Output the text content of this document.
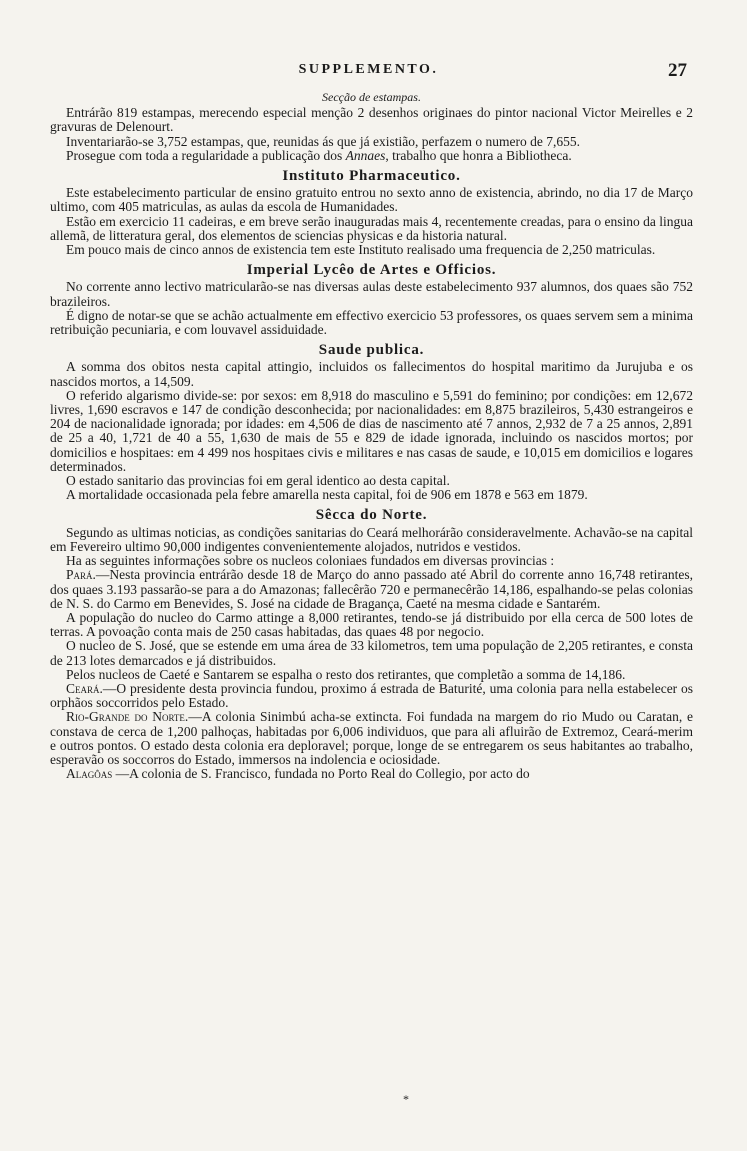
SUPPLEMENTO.	27

Secção de estampas.

Entrárão 819 estampas, merecendo especial menção 2 desenhos originaes do pintor nacional Victor Meirelles e 2 gravuras de Delenourt.

Inventariarão-se 3,752 estampas, que, reunidas ás que já existião, perfazem o numero de 7,655.

Prosegue com toda a regularidade a publicação dos Annaes, trabalho que honra a Bibliotheca.

Instituto Pharmaceutico.

Este estabelecimento particular de ensino gratuito entrou no sexto anno de existencia, abrindo, no dia 17 de Março ultimo, com 405 matriculas, as aulas da escola de Humanidades.

Estão em exercicio 11 cadeiras, e em breve serão inauguradas mais 4, recentemente creadas, para o ensino da lingua allemã, de litteratura geral, dos elementos de sciencias physicas e da historia natural.

Em pouco mais de cinco annos de existencia tem este Instituto realisado uma frequencia de 2,250 matriculas.

Imperial Lycêo de Artes e Officios.

No corrente anno lectivo matricularão-se nas diversas aulas deste estabelecimento 937 alumnos, dos quaes são 752 brazileiros.

É digno de notar-se que se achão actualmente em effectivo exercicio 53 professores, os quaes servem sem a minima retribuição pecuniaria, e com louvavel assiduidade.

Saude publica.

A somma dos obitos nesta capital attingio, incluidos os fallecimentos do hospital maritimo da Jurujuba e os nascidos mortos, a 14,509.

O referido algarismo divide-se: por sexos: em 8,918 do masculino e 5,591 do feminino; por condições: em 12,672 livres, 1,690 escravos e 147 de condição desconhecida; por nacionalidades: em 8,875 brazileiros, 5,430 estrangeiros e 204 de nacionalidade ignorada; por idades: em 4,506 de dias de nascimento até 7 annos, 2,932 de 7 a 25 annos, 2,891 de 25 a 40, 1,721 de 40 a 55, 1,630 de mais de 55 e 829 de idade ignorada, incluindo os nascidos mortos; por domicilios e hospitaes: em 4 499 nos hospitaes civis e militares e nas casas de saude, e 10,015 em domicilios e logares determinados.

O estado sanitario das provincias foi em geral identico ao desta capital.

A mortalidade occasionada pela febre amarella nesta capital, foi de 906 em 1878 e 563 em 1879.

Sêcca do Norte.

Segundo as ultimas noticias, as condições sanitarias do Ceará melhorárão consideravelmente. Achavão-se na capital em Fevereiro ultimo 90,000 indigentes convenientemente alojados, nutridos e vestidos.

Ha as seguintes informações sobre os nucleos coloniaes fundados em diversas provincias :

Pará.—Nesta provincia entrárão desde 18 de Março do anno passado até Abril do corrente anno 16,748 retirantes, dos quaes 3.193 passarão-se para a do Amazonas; fallecêrão 720 e permanecêrão 14,186, espalhando-se pelas colonias de N. S. do Carmo em Benevides, S. José na cidade de Bragança, Caeté na mesma cidade e Santarém.

A população do nucleo do Carmo attinge a 8,000 retirantes, tendo-se já distribuido por ella cerca de 500 lotes de terras. A povoação conta mais de 250 casas habitadas, das quaes 48 por negocio.

O nucleo de S. José, que se estende em uma área de 33 kilometros, tem uma população de 2,205 retirantes, e consta de 213 lotes demarcados e já distribuidos.

Pelos nucleos de Caeté e Santarem se espalha o resto dos retirantes, que completão a somma de 14,186.

Ceará.—O presidente desta provincia fundou, proximo á estrada de Baturité, uma colonia para nella estabelecer os orphãos soccorridos pelo Estado.

Rio-Grande do Norte.—A colonia Sinimbú acha-se extincta. Foi fundada na margem do rio Mudo ou Caratan, e constava de cerca de 1,200 palhoças, habitadas por 6,006 individuos, que para ali afluirão de Extremoz, Ceará-merim e outros pontos. O estado desta colonia era deploravel; porque, longe de se entregarem os seus habitantes ao trabalho, esperavão os soccorros do Estado, immersos na indolencia e ociosidade.

Alagôas —A colonia de S. Francisco, fundada no Porto Real do Collegio, por acto do

*
